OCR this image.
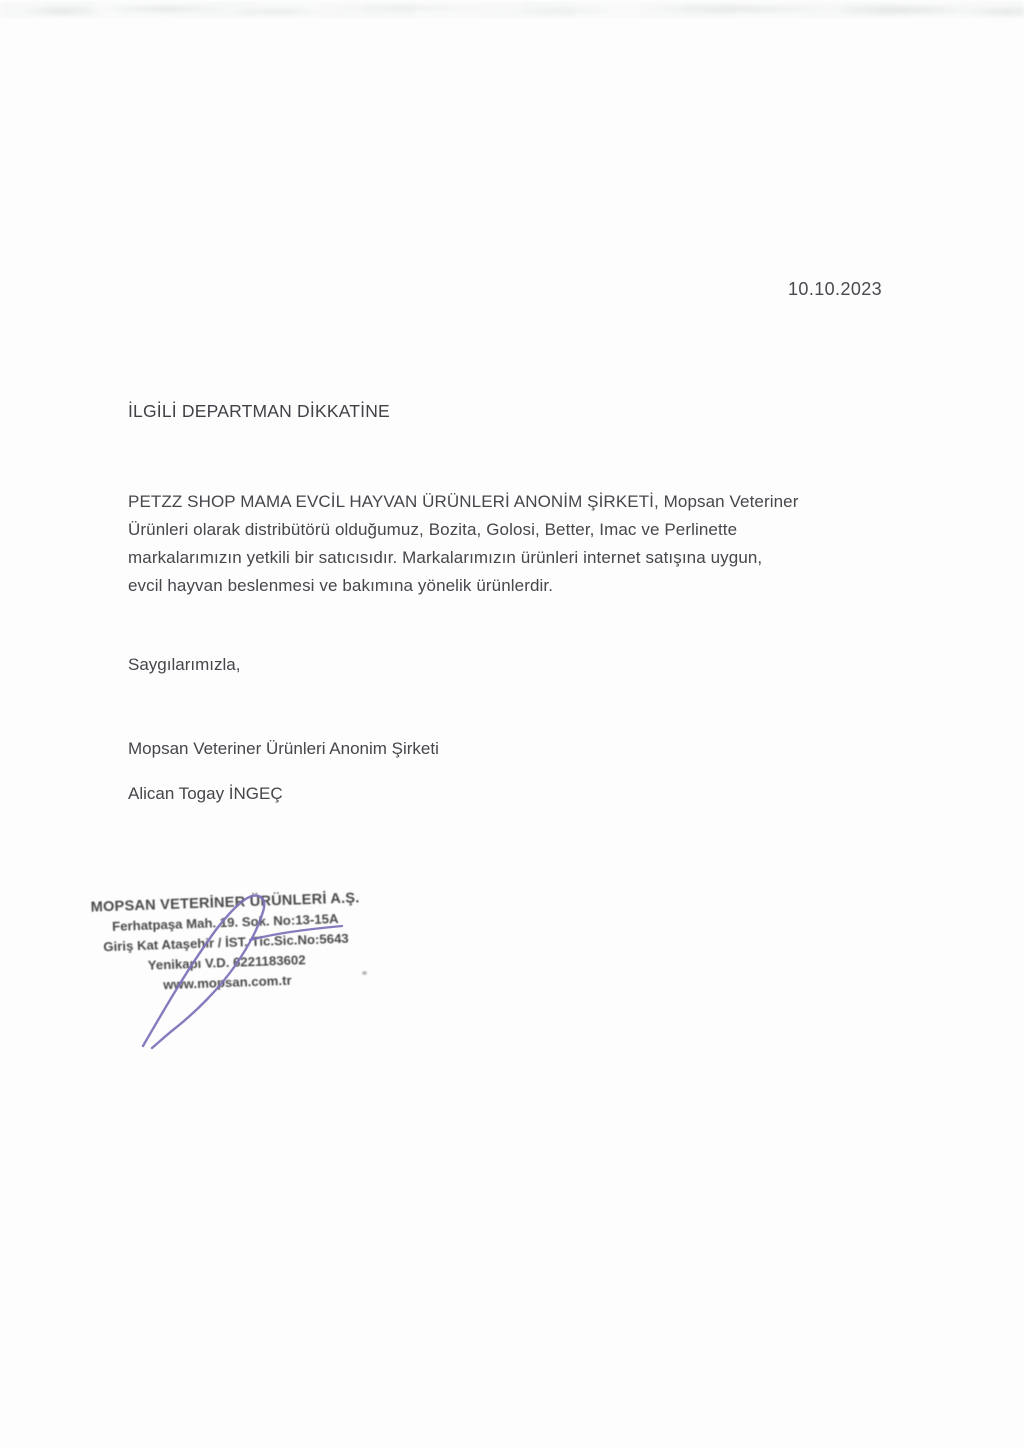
10.10.2023
İLGİLİ DEPARTMAN DİKKATİNE
PETZZ SHOP MAMA EVCİL HAYVAN ÜRÜNLERİ ANONİM ŞİRKETİ, Mopsan Veteriner
Ürünleri olarak distribütörü olduğumuz, Bozita, Golosi, Better, Imac ve Perlinette
markalarımızın yetkili bir satıcısıdır. Markalarımızın ürünleri internet satışına uygun,
evcil hayvan beslenmesi ve bakımına yönelik ürünlerdir.
Saygılarımızla,
Mopsan Veteriner Ürünleri Anonim Şirketi
Alican Togay İNGEÇ
MOPSAN VETERİNER ÜRÜNLERİ A.Ş.
Ferhatpaşa Mah. 19. Sok. No:13-15A
Giriş Kat Ataşehir / İST. Tic.Sic.No:5643
Yenikapı V.D. 6221183602
www.mopsan.com.tr
